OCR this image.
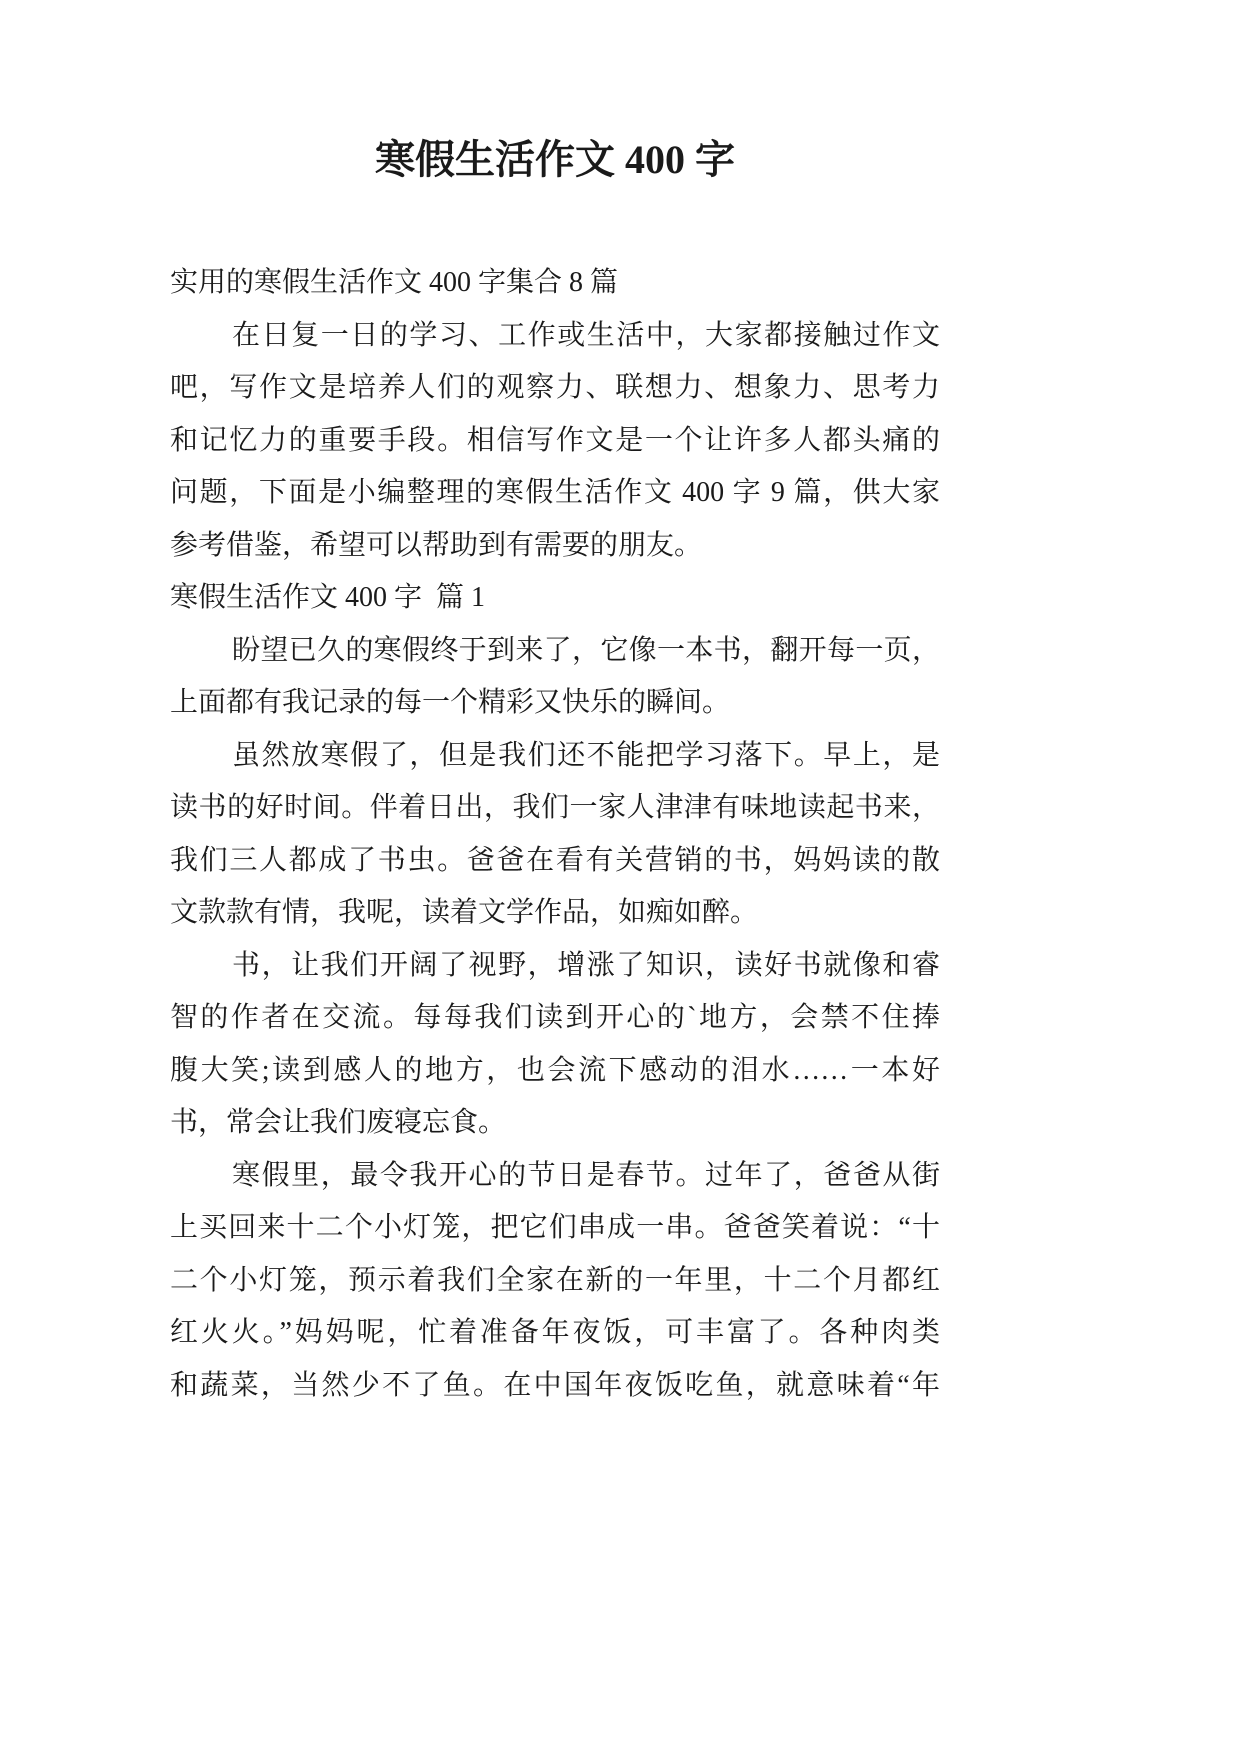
寒假生活作文 400 字
实用的寒假生活作文 400 字集合 8 篇
在日复一日的学习、工作或生活中，大家都接触过作文
吧，写作文是培养人们的观察力、联想力、想象力、思考力
和记忆力的重要手段。相信写作文是一个让许多人都头痛的
问题，下面是小编整理的寒假生活作文 400 字 9 篇，供大家
参考借鉴，希望可以帮助到有需要的朋友。
寒假生活作文 400 字  篇 1
盼望已久的寒假终于到来了，它像一本书，翻开每一页，
上面都有我记录的每一个精彩又快乐的瞬间。
虽然放寒假了，但是我们还不能把学习落下。早上，是
读书的好时间。伴着日出，我们一家人津津有味地读起书来，
我们三人都成了书虫。爸爸在看有关营销的书，妈妈读的散
文款款有情，我呢，读着文学作品，如痴如醉。
书，让我们开阔了视野，增涨了知识，读好书就像和睿
智的作者在交流。每每我们读到开心的`地方，会禁不住捧
腹大笑;读到感人的地方，也会流下感动的泪水……一本好
书，常会让我们废寝忘食。
寒假里，最令我开心的节日是春节。过年了，爸爸从街
上买回来十二个小灯笼，把它们串成一串。爸爸笑着说：“十
二个小灯笼，预示着我们全家在新的一年里，十二个月都红
红火火。”妈妈呢，忙着准备年夜饭，可丰富了。各种肉类
和蔬菜，当然少不了鱼。在中国年夜饭吃鱼，就意味着“年
